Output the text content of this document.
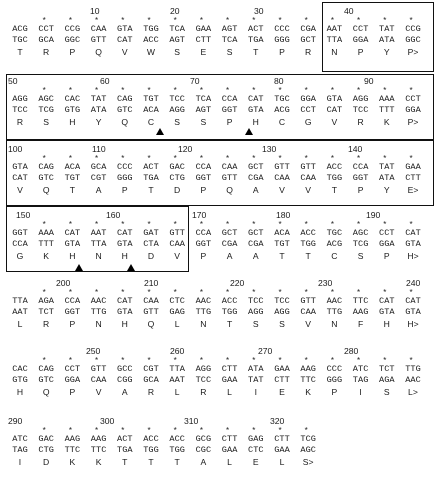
10	20	30	40
*	*	*	*	*	*	*	*	*	*	*	*	*	*	*
ACG	CCT	CCG	CAA	GTA	TGG	TCA	GAA	AGT	ACT	CCC	CGA	AAT	CCT	TAT	CCG
TGC	GCA	GGC	GTT	CAT	ACC	AGT	CTT	TCA	TGA	GGG	GCT	TTA	GGA	ATA	GGC
T	R	P	Q	V	W	S	E	S	T	P	R	N	P	Y	P>
50	60	70	80	90
*	*	*	*	*	*	*	*	*	*	*	*	*	*	*
AGG	AGC	CAC	TAT	CAG	TGT	TCC	TCA	CCA	CAT	TGC	GGA	GTA	AGG	AAA	CCT
TCC	TCG	GTG	ATA	GTC	ACA	AGG	AGT	GGT	GTA	ACG	CCT	CAT	TCC	TTT	GGA
R	S	H	Y	Q	C	S	S	P	H	C	G	V	R	K	P>
100	110	120	130	140
*	*	*	*	*	*	*	*	*	*	*	*	*	*	*
GTA	CAG	ACA	GCA	CCC	ACT	GAC	CCA	CAA	GCT	GTT	GTT	ACC	CCA	TAT	GAA
CAT	GTC	TGT	CGT	GGG	TGA	CTG	GGT	GTT	CGA	CAA	CAA	TGG	GGT	ATA	CTT
V	Q	T	A	P	T	D	P	Q	A	V	V	T	P	Y	E>
150	160	170	180	190
*	*	*	*	*	*	*	*	*	*	*	*	*	*	*
GGT	AAA	CAT	AAT	CAT	GAT	GTT	CCA	GCT	GCT	ACA	ACC	TGC	AGC	CCT	CAT
CCA	TTT	GTA	TTA	GTA	CTA	CAA	GGT	CGA	CGA	TGT	TGG	ACG	TCG	GGA	GTA
G	K	H	N	H	D	V	P	A	A	T	T	C	S	P	H>
200	210	220	230	240
*	*	*	*	*	*	*	*	*	*	*	*	*	*	*
TTA	AGA	CCA	AAC	CAT	CAA	CTC	AAC	ACC	TCC	TCC	GTT	AAC	TTC	CAT	CAT
AAT	TCT	GGT	TTG	GTA	GTT	GAG	TTG	TGG	AGG	AGG	CAA	TTG	AAG	GTA	GTA
L	R	P	N	H	Q	L	N	T	S	S	V	N	F	H	H>
250	260	270	280
*	*	*	*	*	*	*	*	*	*	*	*	*	*	*
CAC	CAG	CCT	GTT	GCC	CGT	TTA	AGG	CTT	ATA	GAA	AAG	CCC	ATC	TCT	TTG
GTG	GTC	GGA	CAA	CGG	GCA	AAT	TCC	GAA	TAT	CTT	TTC	GGG	TAG	AGA	AAC
H	Q	P	V	A	R	L	R	L	I	E	K	P	I	S	L>
290	300	310	320
*	*	*	*	*	*	*	*	*	*	*
ATC	GAC	AAG	AAG	ACT	ACC	ACC	GCG	CTT	GAG	CTT	TCG
TAG	CTG	TTC	TTC	TGA	TGG	TGG	CGC	GAA	CTC	GAA	AGC
I	D	K	K	T	T	T	A	L	E	L	S>
